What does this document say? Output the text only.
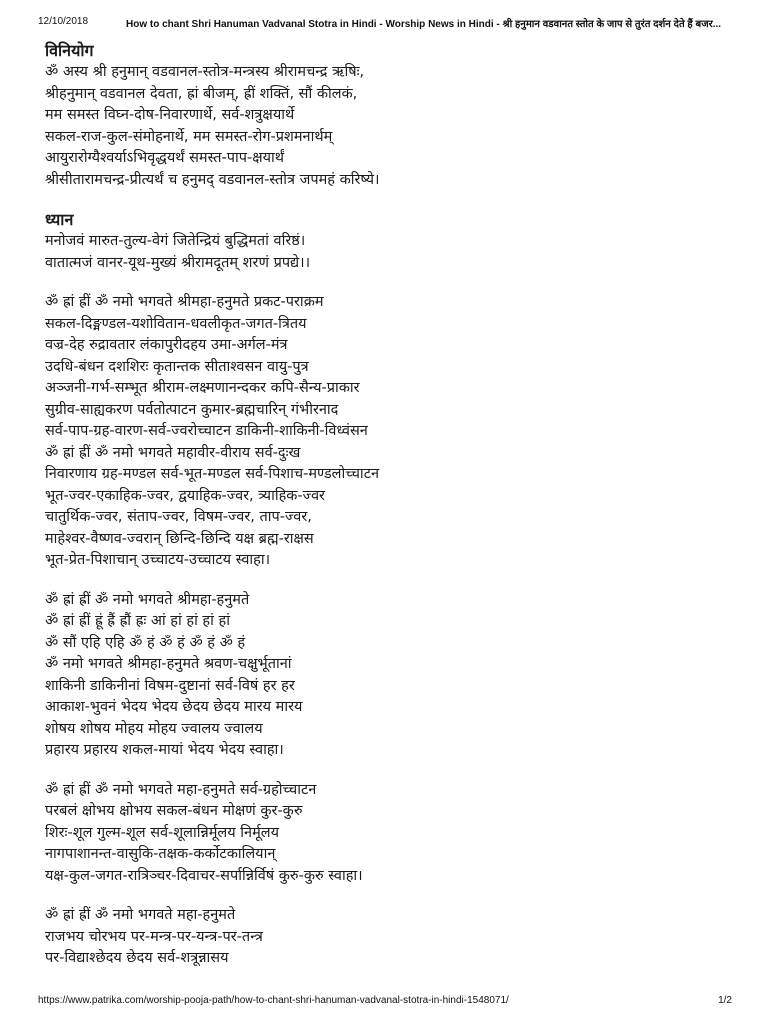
12/10/2018	How to chant Shri Hanuman Vadvanal Stotra in Hindi - Worship News in Hindi - श्री हनुमान वडवानत स्तोत के जाप से तुरंत दर्शन देते हैं बजर...
विनियोग
ॐ अस्य श्री हनुमान् वडवानल-स्तोत्र-मन्त्रस्य श्रीरामचन्द्र ऋषिः,
श्रीहनुमान् वडवानल देवता, ह्रां बीजम्, ह्रीं शक्तिं, सौं कीलकं,
मम समस्त विघ्न-दोष-निवारणार्थे, सर्व-शत्रुक्षयार्थे
सकल-राज-कुल-संमोहनार्थे, मम समस्त-रोग-प्रशमनार्थम्
आयुरारोग्यैश्वर्याऽभिवृद्धयर्थं समस्त-पाप-क्षयार्थं
श्रीसीतारामचन्द्र-प्रीत्यर्थं च हनुमद् वडवानल-स्तोत्र जपमहं करिष्ये।
ध्यान
मनोजवं मारुत-तुल्य-वेगं जितेन्द्रियं बुद्धिमतां वरिष्ठं।
वातात्मजं वानर-यूथ-मुख्यं श्रीरामदूतम् शरणं प्रपद्ये।।
ॐ ह्रां ह्रीं ॐ नमो भगवते श्रीमहा-हनुमते प्रकट-पराक्रम
सकल-दिङ्मण्डल-यशोवितान-धवलीकृत-जगत-त्रितय
वज्र-देह रुद्रावतार लंकापुरीदहय उमा-अर्गल-मंत्र
उदधि-बंधन दशशिरः कृतान्तक सीताश्वसन वायु-पुत्र
अञ्जनी-गर्भ-सम्भूत श्रीराम-लक्ष्मणानन्दकर कपि-सैन्य-प्राकार
सुग्रीव-साह्यकरण पर्वतोत्पाटन कुमार-ब्रह्मचारिन् गंभीरनाद
सर्व-पाप-ग्रह-वारण-सर्व-ज्वरोच्चाटन डाकिनी-शाकिनी-विध्वंसन
ॐ ह्रां ह्रीं ॐ नमो भगवते महावीर-वीराय सर्व-दुःख
निवारणाय ग्रह-मण्डल सर्व-भूत-मण्डल सर्व-पिशाच-मण्डलोच्चाटन
भूत-ज्वर-एकाहिक-ज्वर, द्वयाहिक-ज्वर, त्र्याहिक-ज्वर
चातुर्थिक-ज्वर, संताप-ज्वर, विषम-ज्वर, ताप-ज्वर,
माहेश्वर-वैष्णव-ज्वरान् छिन्दि-छिन्दि यक्ष ब्रह्म-राक्षस
भूत-प्रेत-पिशाचान् उच्चाटय-उच्चाटय स्वाहा।
ॐ ह्रां ह्रीं ॐ नमो भगवते श्रीमहा-हनुमते
ॐ ह्रां ह्रीं ह्रूं ह्रैं ह्रौं ह्रः आं हां हां हां हां
ॐ सौं एहि एहि ॐ हं ॐ हं ॐ हं ॐ हं
ॐ नमो भगवते श्रीमहा-हनुमते श्रवण-चक्षुर्भूतानां
शाकिनी डाकिनीनां विषम-दुष्टानां सर्व-विषं हर हर
आकाश-भुवनं भेदय भेदय छेदय छेदय मारय मारय
शोषय शोषय मोहय मोहय ज्वालय ज्वालय
प्रहारय प्रहारय शकल-मायां भेदय भेदय स्वाहा।
ॐ ह्रां ह्रीं ॐ नमो भगवते महा-हनुमते सर्व-ग्रहोच्चाटन
परबलं क्षोभय क्षोभय सकल-बंधन मोक्षणं कुर-कुरु
शिरः-शूल गुल्म-शूल सर्व-शूलान्निर्मूलय निर्मूलय
नागपाशानन्त-वासुकि-तक्षक-कर्कोटकालियान्
यक्ष-कुल-जगत-रात्रिञ्चर-दिवाचर-सर्पान्निर्विषं कुरु-कुरु स्वाहा।
ॐ ह्रां ह्रीं ॐ नमो भगवते महा-हनुमते
राजभय चोरभय पर-मन्त्र-पर-यन्त्र-पर-तन्त्र
पर-विद्याश्छेदय छेदय सर्व-शत्रून्नासय
https://www.patrika.com/worship-pooja-path/how-to-chant-shri-hanuman-vadvanal-stotra-in-hindi-1548071/	1/2
